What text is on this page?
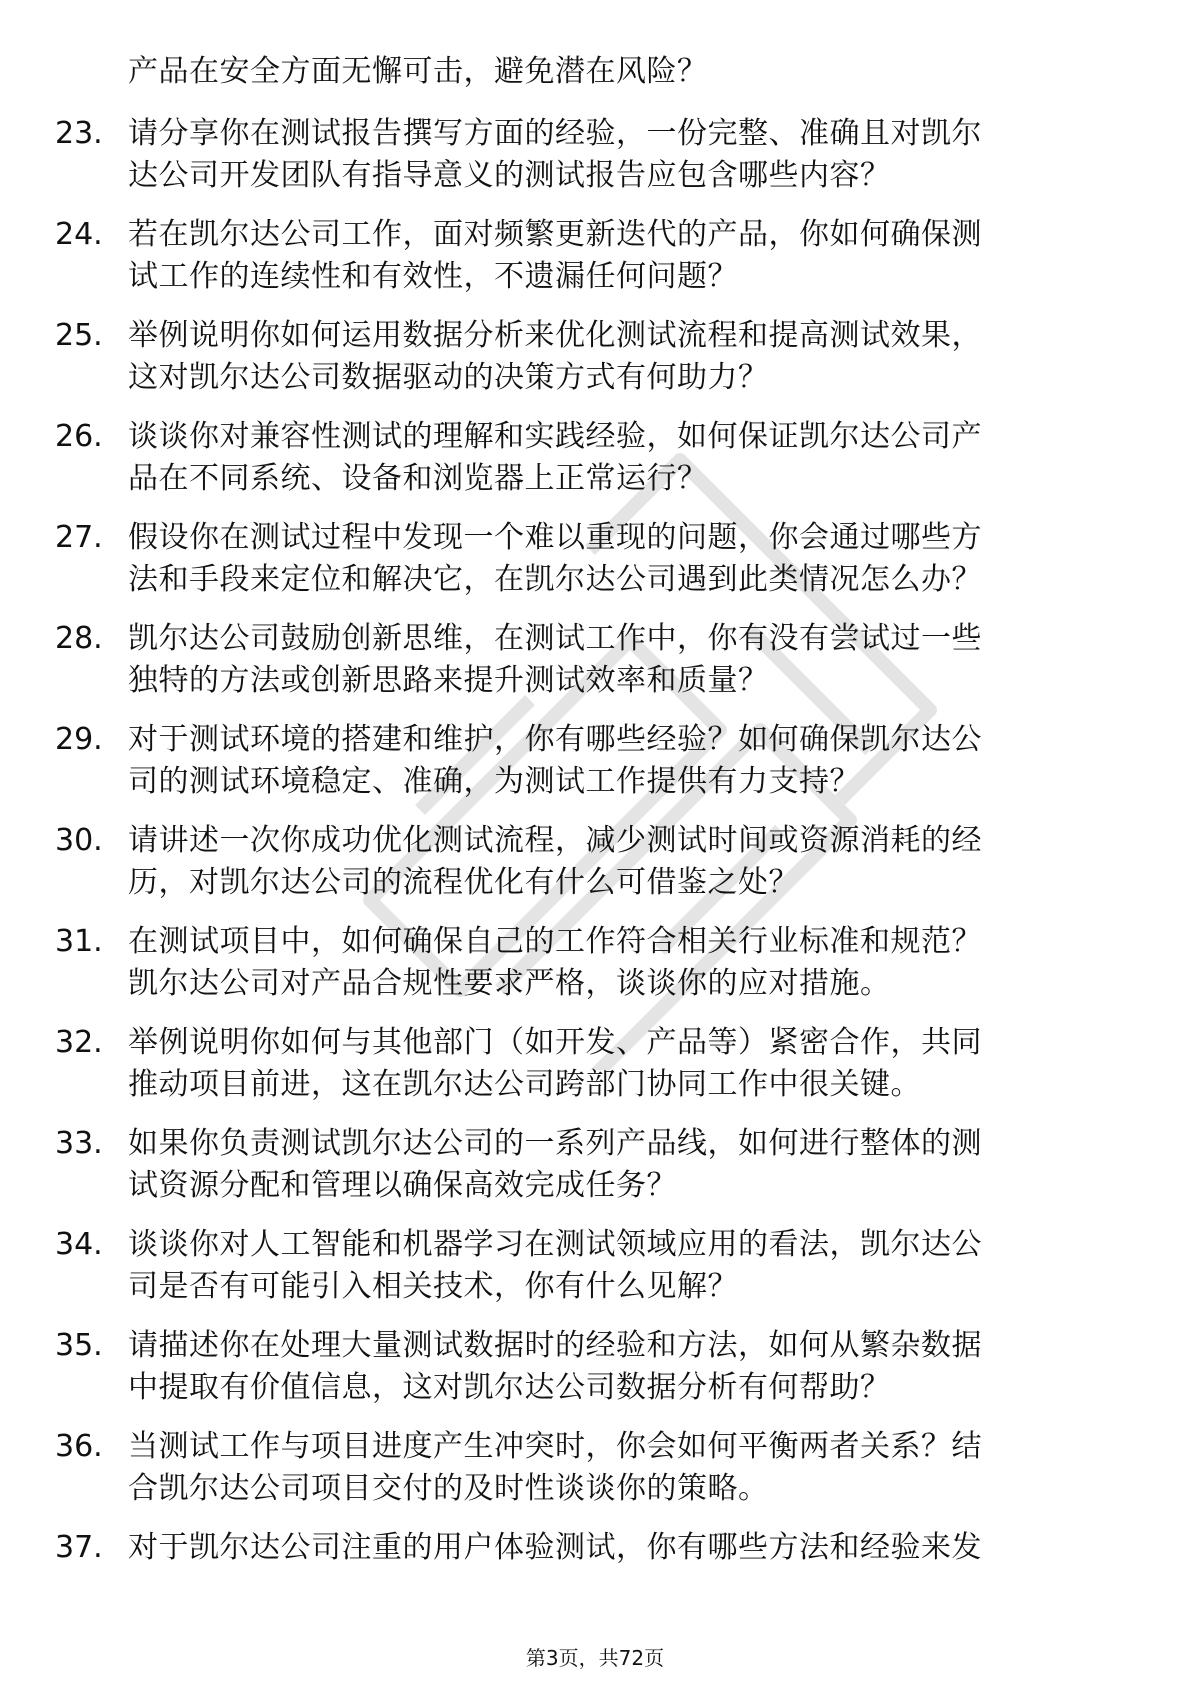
产品在安全方面无懈可击，避免潜在风险？
23. 请分享你在测试报告撰写方面的经验，一份完整、准确且对凯尔
达公司开发团队有指导意义的测试报告应包含哪些内容？
24. 若在凯尔达公司工作，面对频繁更新迭代的产品，你如何确保测
试工作的连续性和有效性，不遗漏任何问题？
25. 举例说明你如何运用数据分析来优化测试流程和提高测试效果，
这对凯尔达公司数据驱动的决策方式有何助力？
26. 谈谈你对兼容性测试的理解和实践经验，如何保证凯尔达公司产
品在不同系统、设备和浏览器上正常运行？
27. 假设你在测试过程中发现一个难以重现的问题，你会通过哪些方
法和手段来定位和解决它，在凯尔达公司遇到此类情况怎么办？
28. 凯尔达公司鼓励创新思维，在测试工作中，你有没有尝试过一些
独特的方法或创新思路来提升测试效率和质量？
29. 对于测试环境的搭建和维护，你有哪些经验？如何确保凯尔达公
司的测试环境稳定、准确，为测试工作提供有力支持？
30. 请讲述一次你成功优化测试流程，减少测试时间或资源消耗的经
历，对凯尔达公司的流程优化有什么可借鉴之处？
31. 在测试项目中，如何确保自己的工作符合相关行业标准和规范？
凯尔达公司对产品合规性要求严格，谈谈你的应对措施。
32. 举例说明你如何与其他部门（如开发、产品等）紧密合作，共同
推动项目前进，这在凯尔达公司跨部门协同工作中很关键。
33. 如果你负责测试凯尔达公司的一系列产品线，如何进行整体的测
试资源分配和管理以确保高效完成任务？
34. 谈谈你对人工智能和机器学习在测试领域应用的看法，凯尔达公
司是否有可能引入相关技术，你有什么见解？
35. 请描述你在处理大量测试数据时的经验和方法，如何从繁杂数据
中提取有价值信息，这对凯尔达公司数据分析有何帮助？
36. 当测试工作与项目进度产生冲突时，你会如何平衡两者关系？结
合凯尔达公司项目交付的及时性谈谈你的策略。
37. 对于凯尔达公司注重的用户体验测试，你有哪些方法和经验来发
第3页，共72页
